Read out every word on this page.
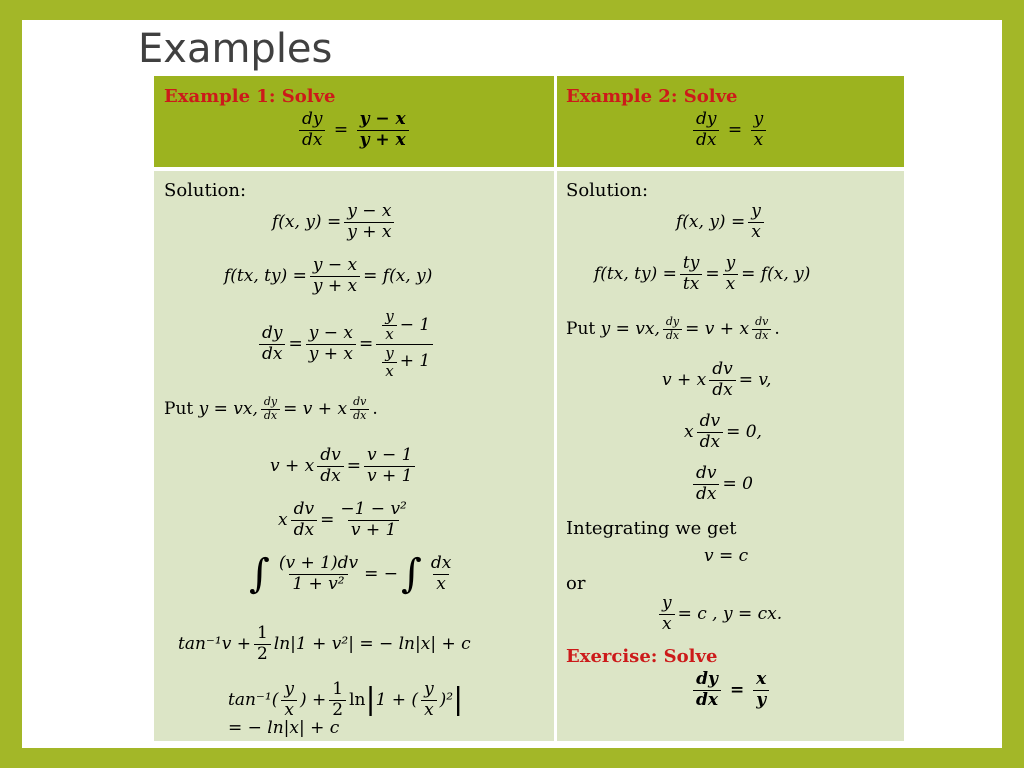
Examples
Example 1: Solve
$\frac{dy}{dx} = \frac{y - x}{y + x}$
Example 2: Solve
$\frac{dy}{dx} = \frac{y}{x}$
Solution:
f(x, $y) = \frac{y - x}{y + x}$
f(tx, $ty) = \frac{y - x}{y + x} = f(x$, y)
$\frac{dy}{dx} = \frac{y - x}{y + x} = \frac{\frac{y}{x} - 1}{\frac{y}{x} + 1}$
Put
y = vx, $\frac{dy}{dx} = v + x \frac{dv}{dx}$ .
v + x $\frac{dv}{dx} = \frac{v - 1}{v + 1}$
x $\frac{dv}{dx} = \frac{\text{−1 − v²}}{v + 1}$
∫ $\frac{(v + 1)dv}{\text{1 + v²}}$ = − ∫ $\frac{dx}{x}$
$\tan^{-1}v + \frac{1}{2} \ln|1 + v^2|$ = − ln|x| + c
$\tan^{-1}( \frac{y}{x}$ ) + $\frac{1}{2}$ ln | 1 + ( $\frac{y}{x} )^2$ |
= − ln|x| + c
Solution:
f(x, $y) = \frac{y}{x}$
f(tx, $ty) = \frac{ty}{tx} = \frac{y}{x} = f(x$, y)
Put
y = vx, $\frac{dy}{dx} = v + x \frac{dv}{dx}$ .
v + x $\frac{dv}{dx} = v$,
x $\frac{dv}{dx} = 0$,
$\frac{dv}{dx} = 0$
Integrating we get
v = c
or
$\frac{y}{x} = c$ , y = cx.
Exercise: Solve
$\frac{dy}{dx} = \frac{x}{y}$
